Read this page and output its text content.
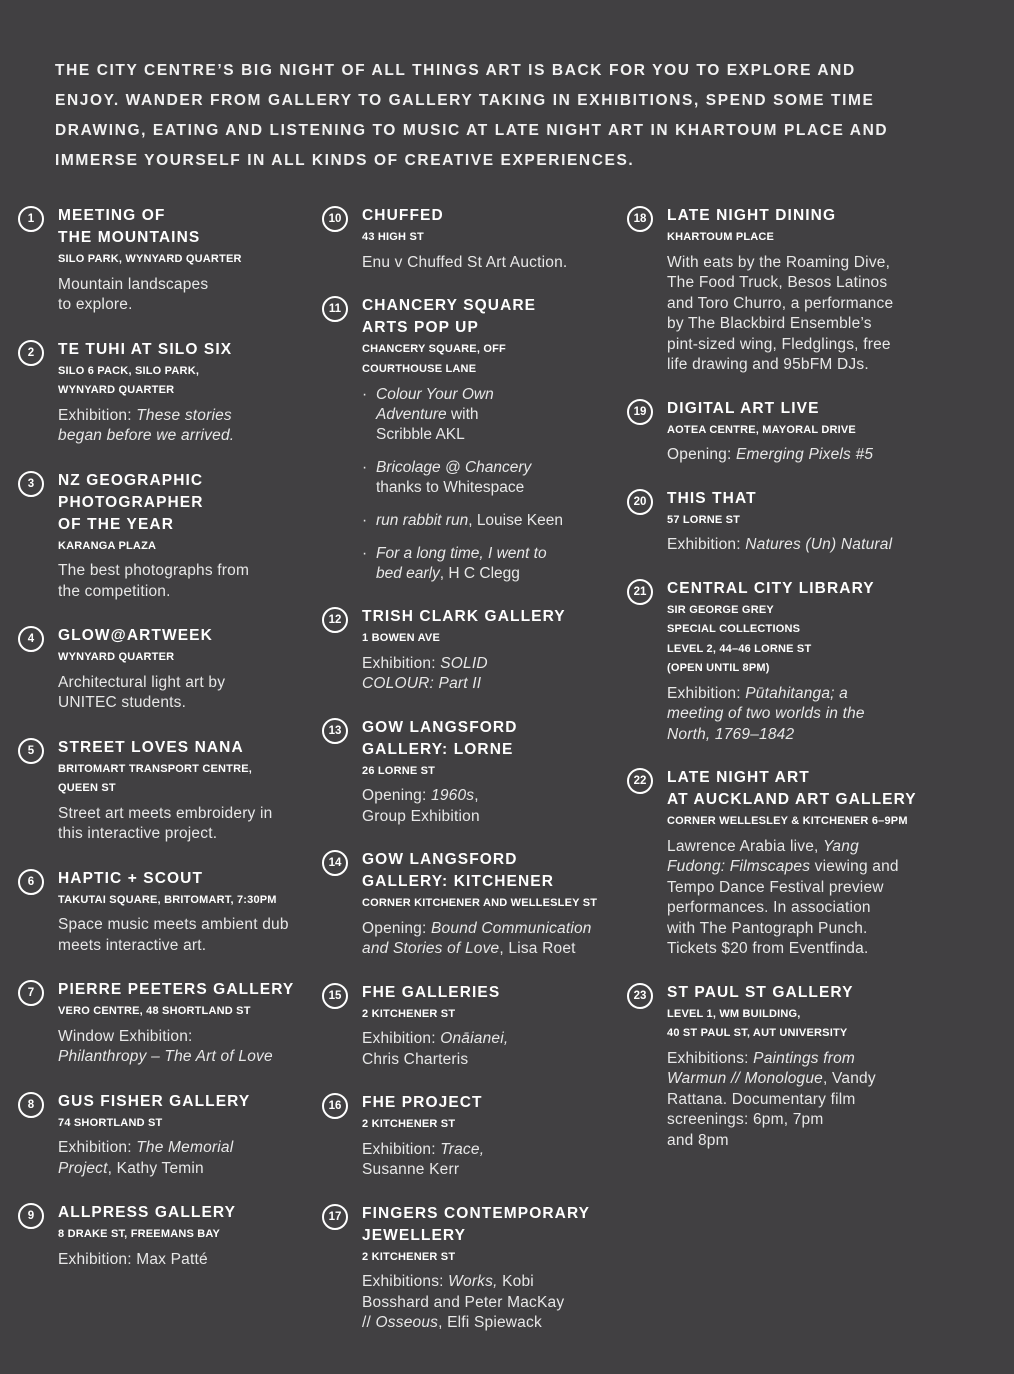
THE CITY CENTRE’S BIG NIGHT OF ALL THINGS ART IS BACK FOR YOU TO EXPLORE AND ENJOY. WANDER FROM GALLERY TO GALLERY TAKING IN EXHIBITIONS, SPEND SOME TIME DRAWING, EATING AND LISTENING TO MUSIC AT LATE NIGHT ART IN KHARTOUM PLACE AND IMMERSE YOURSELF IN ALL KINDS OF CREATIVE EXPERIENCES.

1	MEETING OF
THE MOUNTAINS
SILO PARK, WYNYARD QUARTER
Mountain landscapes
to explore.
2	TE TUHI AT SILO SIX
SILO 6 PACK, SILO PARK,
WYNYARD QUARTER
Exhibition: These stories
began before we arrived.
3	NZ GEOGRAPHIC
PHOTOGRAPHER
OF THE YEAR
KARANGA PLAZA
The best photographs from
the competition.
4	GLOW@ARTWEEK
WYNYARD QUARTER
Architectural light art by
UNITEC students.
5	STREET LOVES NANA
BRITOMART TRANSPORT CENTRE,
QUEEN ST
Street art meets embroidery in
this interactive project.
6	HAPTIC + SCOUT
TAKUTAI SQUARE, BRITOMART, 7:30PM
Space music meets ambient dub
meets interactive art.
7	PIERRE PEETERS GALLERY
VERO CENTRE, 48 SHORTLAND ST
Window Exhibition:
Philanthropy – The Art of Love
8	GUS FISHER GALLERY
74 SHORTLAND ST
Exhibition: The Memorial
Project, Kathy Temin
9	ALLPRESS GALLERY
8 DRAKE ST, FREEMANS BAY
Exhibition: Max Patté
10	CHUFFED
43 HIGH ST
Enu v Chuffed St Art Auction.
11	CHANCERY SQUARE
ARTS POP UP
CHANCERY SQUARE, OFF
COURTHOUSE LANE
· Colour Your Own
Adventure with
Scribble AKL
· Bricolage @ Chancery
thanks to Whitespace
· run rabbit run, Louise Keen
· For a long time, I went to
bed early, H C Clegg
12	TRISH CLARK GALLERY
1 BOWEN AVE
Exhibition: SOLID
COLOUR: Part II
13	GOW LANGSFORD
GALLERY: LORNE
26 LORNE ST
Opening: 1960s,
Group Exhibition
14	GOW LANGSFORD
GALLERY: KITCHENER
CORNER KITCHENER AND WELLESLEY ST
Opening: Bound Communication
and Stories of Love, Lisa Roet
15	FHE GALLERIES
2 KITCHENER ST
Exhibition: Onāianei,
Chris Charteris
16	FHE PROJECT
2 KITCHENER ST
Exhibition: Trace,
Susanne Kerr
17	FINGERS CONTEMPORARY
JEWELLERY
2 KITCHENER ST
Exhibitions: Works, Kobi
Bosshard and Peter MacKay
// Osseous, Elfi Spiewack
18	LATE NIGHT DINING
KHARTOUM PLACE
With eats by the Roaming Dive,
The Food Truck, Besos Latinos
and Toro Churro, a performance
by The Blackbird Ensemble’s
pint-sized wing, Fledglings, free
life drawing and 95bFM DJs.
19	DIGITAL ART LIVE
AOTEA CENTRE, MAYORAL DRIVE
Opening: Emerging Pixels #5
20	THIS THAT
57 LORNE ST
Exhibition: Natures (Un) Natural
21	CENTRAL CITY LIBRARY
SIR GEORGE GREY
SPECIAL COLLECTIONS
LEVEL 2, 44–46 LORNE ST
(OPEN UNTIL 8PM)
Exhibition: Pūtahitanga; a
meeting of two worlds in the
North, 1769–1842
22	LATE NIGHT ART
AT AUCKLAND ART GALLERY
CORNER WELLESLEY & KITCHENER 6–9PM
Lawrence Arabia live, Yang
Fudong: Filmscapes viewing and
Tempo Dance Festival preview
performances. In association
with The Pantograph Punch.
Tickets $20 from Eventfinda.
23	ST PAUL ST GALLERY
LEVEL 1, WM BUILDING,
40 ST PAUL ST, AUT UNIVERSITY
Exhibitions: Paintings from
Warmun // Monologue, Vandy
Rattana. Documentary film
screenings: 6pm, 7pm
and 8pm
